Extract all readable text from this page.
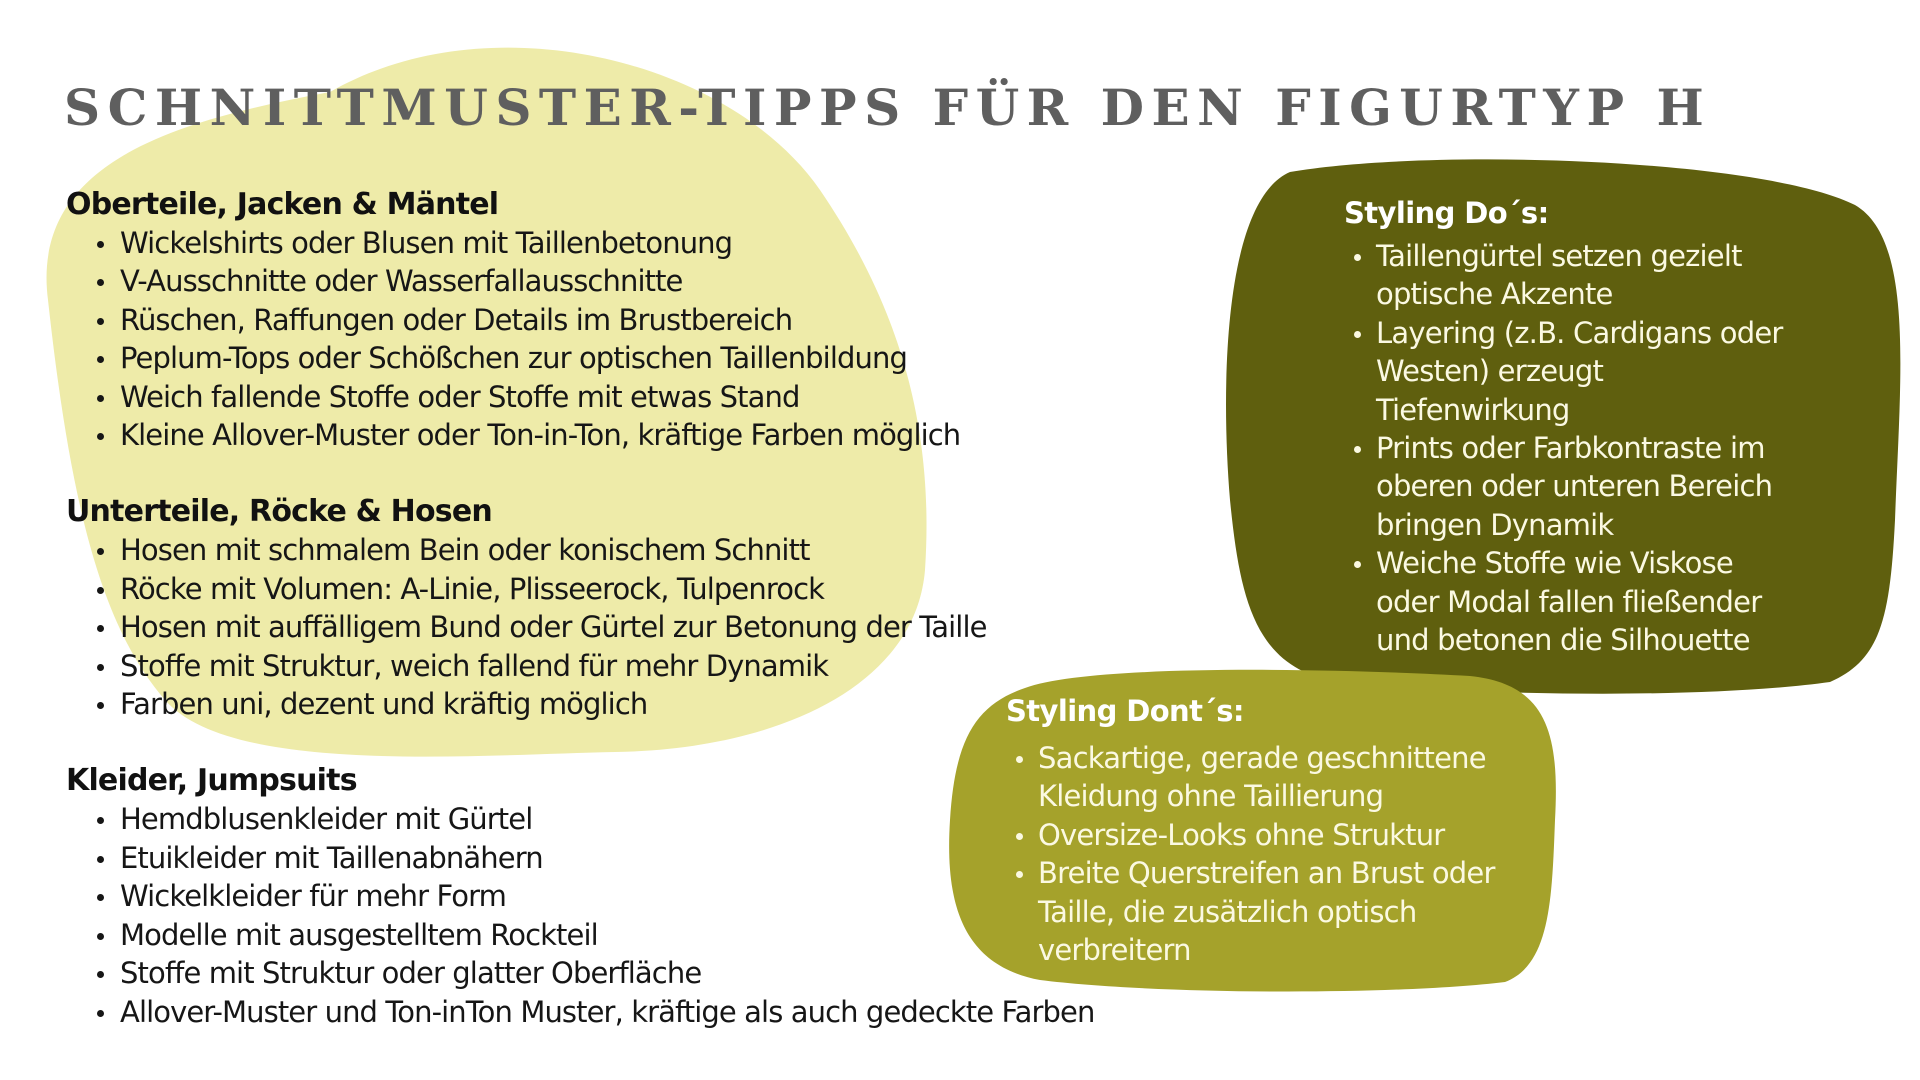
SCHNITTMUSTER-TIPPS FÜR DEN FIGURTYP H
Oberteile, Jacken & Mäntel
Wickelshirts oder Blusen mit Taillenbetonung
V-Ausschnitte oder Wasserfallausschnitte
Rüschen, Raffungen oder Details im Brustbereich
Peplum-Tops oder Schößchen zur optischen Taillenbildung
Weich fallende Stoffe oder Stoffe mit etwas Stand
Kleine Allover-Muster oder Ton-in-Ton, kräftige Farben möglich
Unterteile, Röcke & Hosen
Hosen mit schmalem Bein oder konischem Schnitt
Röcke mit Volumen: A-Linie, Plisseerock, Tulpenrock
Hosen mit auffälligem Bund oder Gürtel zur Betonung der Taille
Stoffe mit Struktur, weich fallend für mehr Dynamik
Farben uni, dezent und kräftig möglich
Kleider, Jumpsuits
Hemdblusenkleider mit Gürtel
Etuikleider mit Taillenabnähern
Wickelkleider für mehr Form
Modelle mit ausgestelltem Rockteil
Stoffe mit Struktur oder glatter Oberfläche
Allover-Muster und Ton-inTon Muster, kräftige als auch gedeckte Farben
Styling Do´s:
Taillengürtel setzen gezielt optische Akzente
Layering (z.B. Cardigans oder Westen) erzeugt Tiefenwirkung
Prints oder Farbkontraste im oberen oder unteren Bereich bringen Dynamik
Weiche Stoffe wie Viskose oder Modal fallen fließender und betonen die Silhouette
Styling Dont´s:
Sackartige, gerade geschnittene Kleidung ohne Taillierung
Oversize-Looks ohne Struktur
Breite Querstreifen an Brust oder Taille, die zusätzlich optisch verbreitern
